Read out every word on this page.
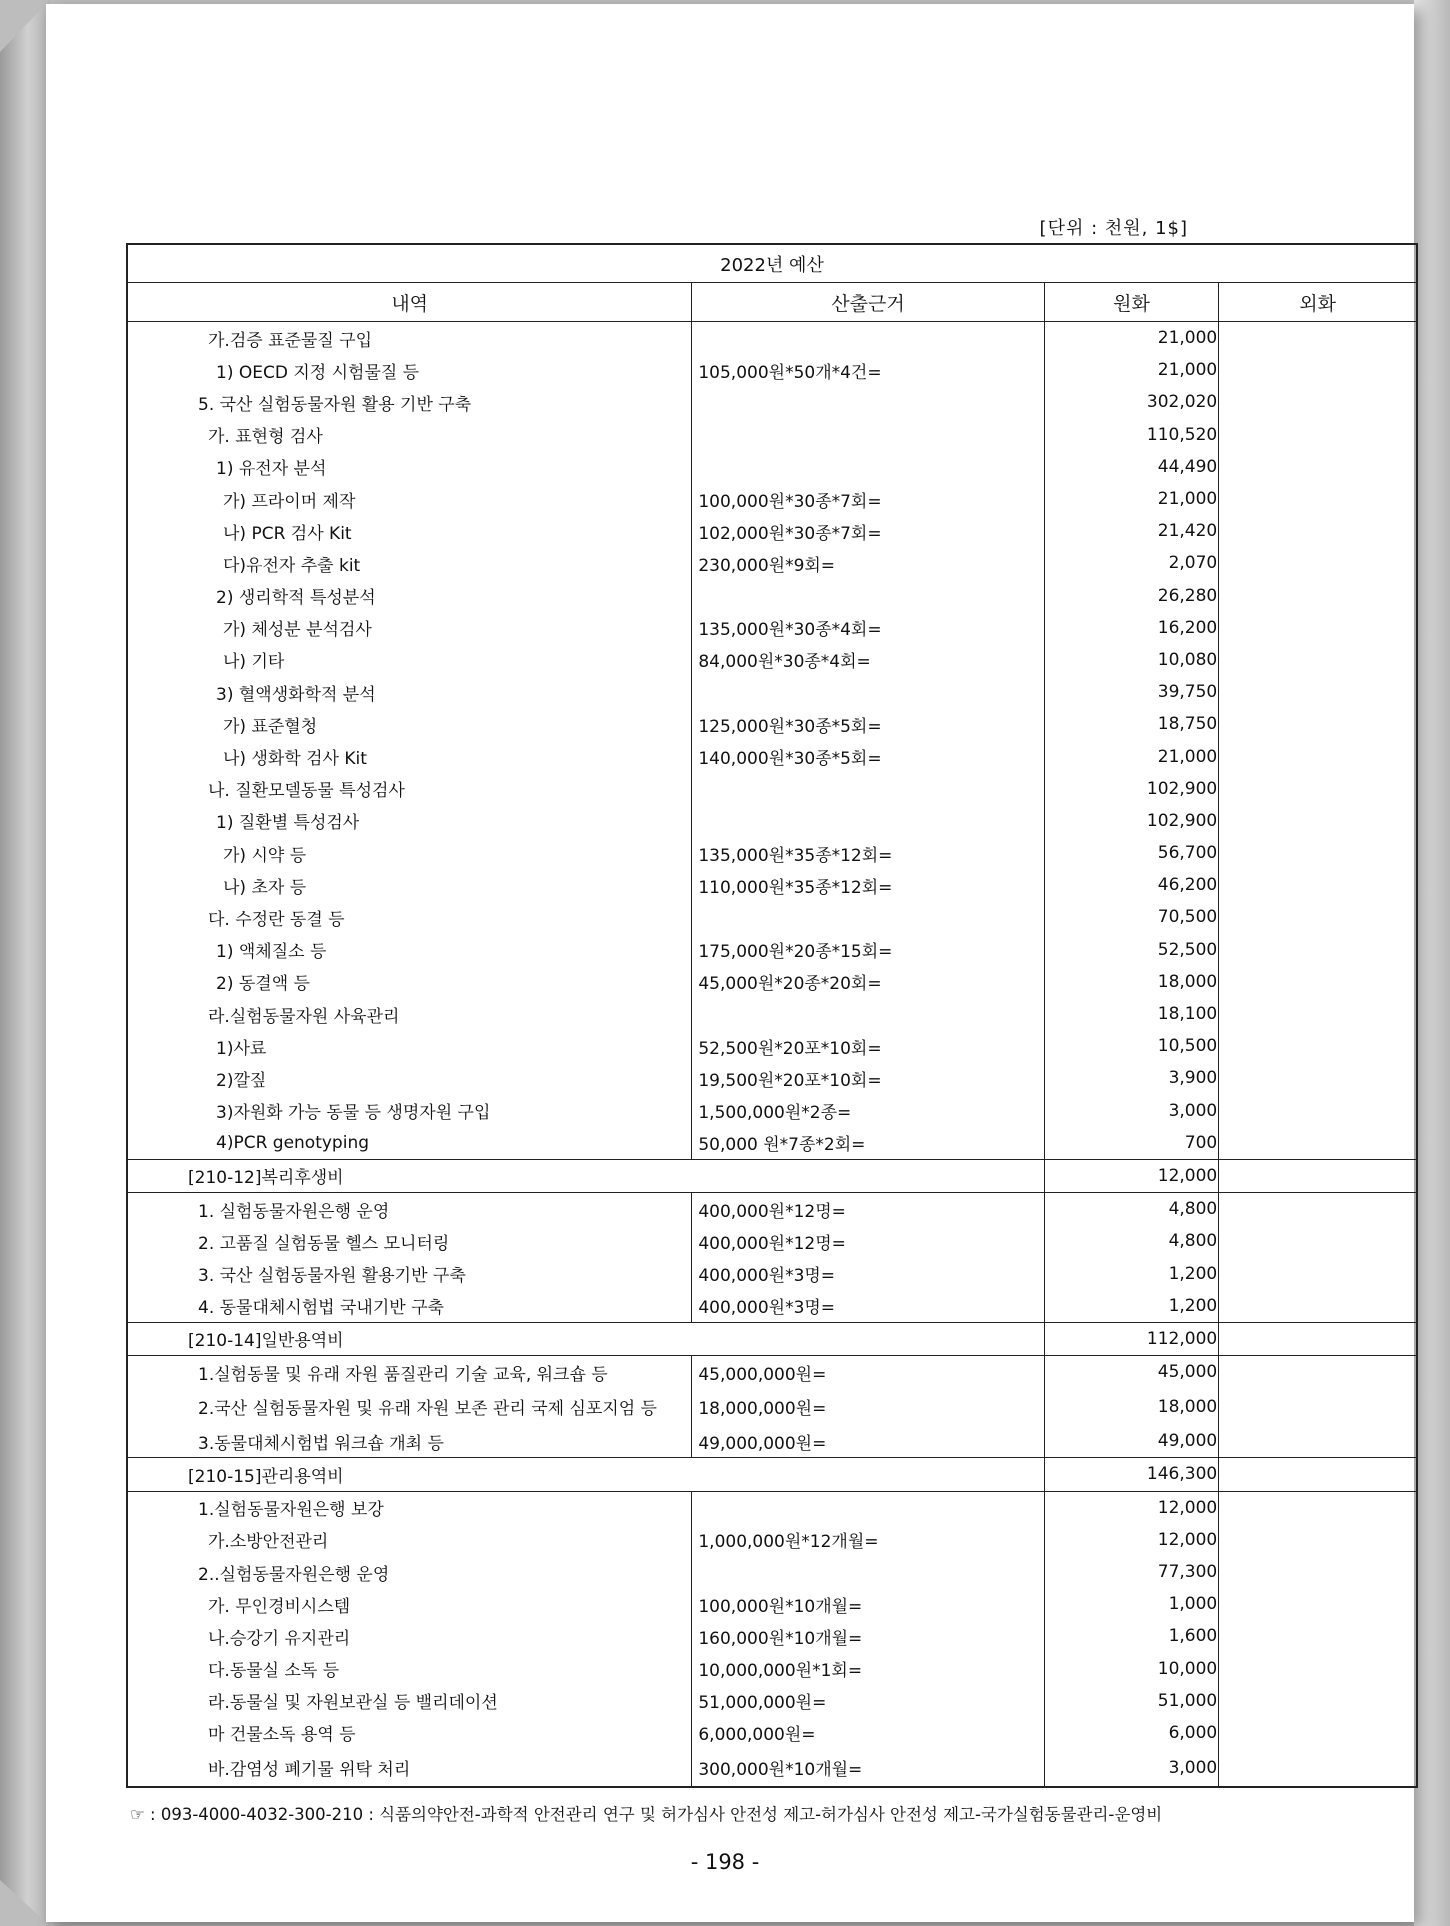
[단위 : 천원, 1$]
2022년 예산			
내역	산출근거	원화	외화
가.검증 표준물질 구입		21,000	
1) OECD 지정 시험물질 등	105,000원*50개*4건=	21,000	
5. 국산 실험동물자원 활용 기반 구축		302,020	
가. 표현형 검사		110,520	
1) 유전자 분석		44,490	
가) 프라이머 제작	100,000원*30종*7회=	21,000	
나) PCR 검사 Kit	102,000원*30종*7회=	21,420	
다)유전자 추출 kit	230,000원*9회=	2,070	
2) 생리학적 특성분석		26,280	
가) 체성분 분석검사	135,000원*30종*4회=	16,200	
나) 기타	84,000원*30종*4회=	10,080	
3) 혈액생화학적 분석		39,750	
가) 표준혈청	125,000원*30종*5회=	18,750	
나) 생화학 검사 Kit	140,000원*30종*5회=	21,000	
나. 질환모델동물 특성검사		102,900	
1) 질환별 특성검사		102,900	
가) 시약 등	135,000원*35종*12회=	56,700	
나) 초자 등	110,000원*35종*12회=	46,200	
다. 수정란 동결 등		70,500	
1) 액체질소 등	175,000원*20종*15회=	52,500	
2) 동결액 등	45,000원*20종*20회=	18,000	
라.실험동물자원 사육관리		18,100	
1)사료	52,500원*20포*10회=	10,500	
2)깔짚	19,500원*20포*10회=	3,900	
3)자원화 가능 동물 등 생명자원 구입	1,500,000원*2종=	3,000	
4)PCR genotyping	50,000 원*7종*2회=	700	
[210-12]복리후생비		12,000	
1. 실험동물자원은행 운영	400,000원*12명=	4,800	
2. 고품질 실험동물 헬스 모니터링	400,000원*12명=	4,800	
3. 국산 실험동물자원 활용기반 구축	400,000원*3명=	1,200	
4. 동물대체시험법 국내기반 구축	400,000원*3명=	1,200	
[210-14]일반용역비		112,000	
1.실험동물 및 유래 자원 품질관리 기술 교육, 워크숍 등	45,000,000원=	45,000	
2.국산 실험동물자원 및 유래 자원 보존 관리 국제 심포지엄 등	18,000,000원=	18,000	
3.동물대체시험법 워크숍 개최 등	49,000,000원=	49,000	
[210-15]관리용역비		146,300	
1.실험동물자원은행 보강		12,000	
가.소방안전관리	1,000,000원*12개월=	12,000	
2..실험동물자원은행 운영		77,300	
가. 무인경비시스템	100,000원*10개월=	1,000	
나.승강기 유지관리	160,000원*10개월=	1,600	
다.동물실 소독 등	10,000,000원*1회=	10,000	
라.동물실 및 자원보관실 등 밸리데이션	51,000,000원=	51,000	
마 건물소독 용역 등	6,000,000원=	6,000	
바.감염성 폐기물 위탁 처리	300,000원*10개월=	3,000	
☞ : 093-4000-4032-300-210 : 식품의약안전-과학적 안전관리 연구 및 허가심사 안전성 제고-허가심사 안전성 제고-국가실험동물관리-운영비
- 198 -
